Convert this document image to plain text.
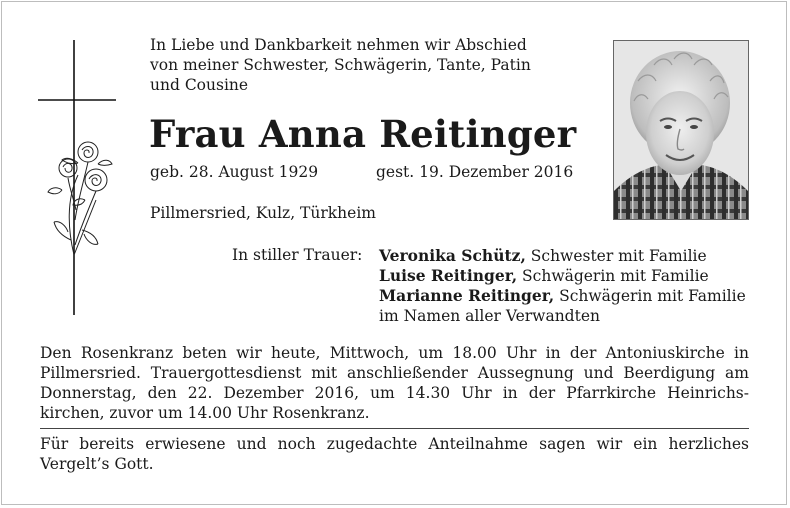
In Liebe und Dankbarkeit nehmen wir Abschied
von meiner Schwester, Schwägerin, Tante, Patin
und Cousine
Frau Anna Reitinger
geb. 28. August 1929	gest. 19. Dezember 2016
Pillmersried, Kulz, Türkheim
In stiller Trauer: Veronika Schütz, Schwester mit Familie
Luise Reitinger, Schwägerin mit Familie
Marianne Reitinger, Schwägerin mit Familie
im Namen aller Verwandten
Den Rosenkranz beten wir heute, Mittwoch, um 18.00 Uhr in der Antoniuskirche in
Pillmersried. Trauergottesdienst mit anschließender Aussegnung und Beerdigung am
Donnerstag, den 22. Dezember 2016, um 14.30 Uhr in der Pfarrkirche Heinrichs-
kirchen, zuvor um 14.00 Uhr Rosenkranz.
Für bereits erwiesene und noch zugedachte Anteilnahme sagen wir ein herzliches
Vergelt’s Gott.
